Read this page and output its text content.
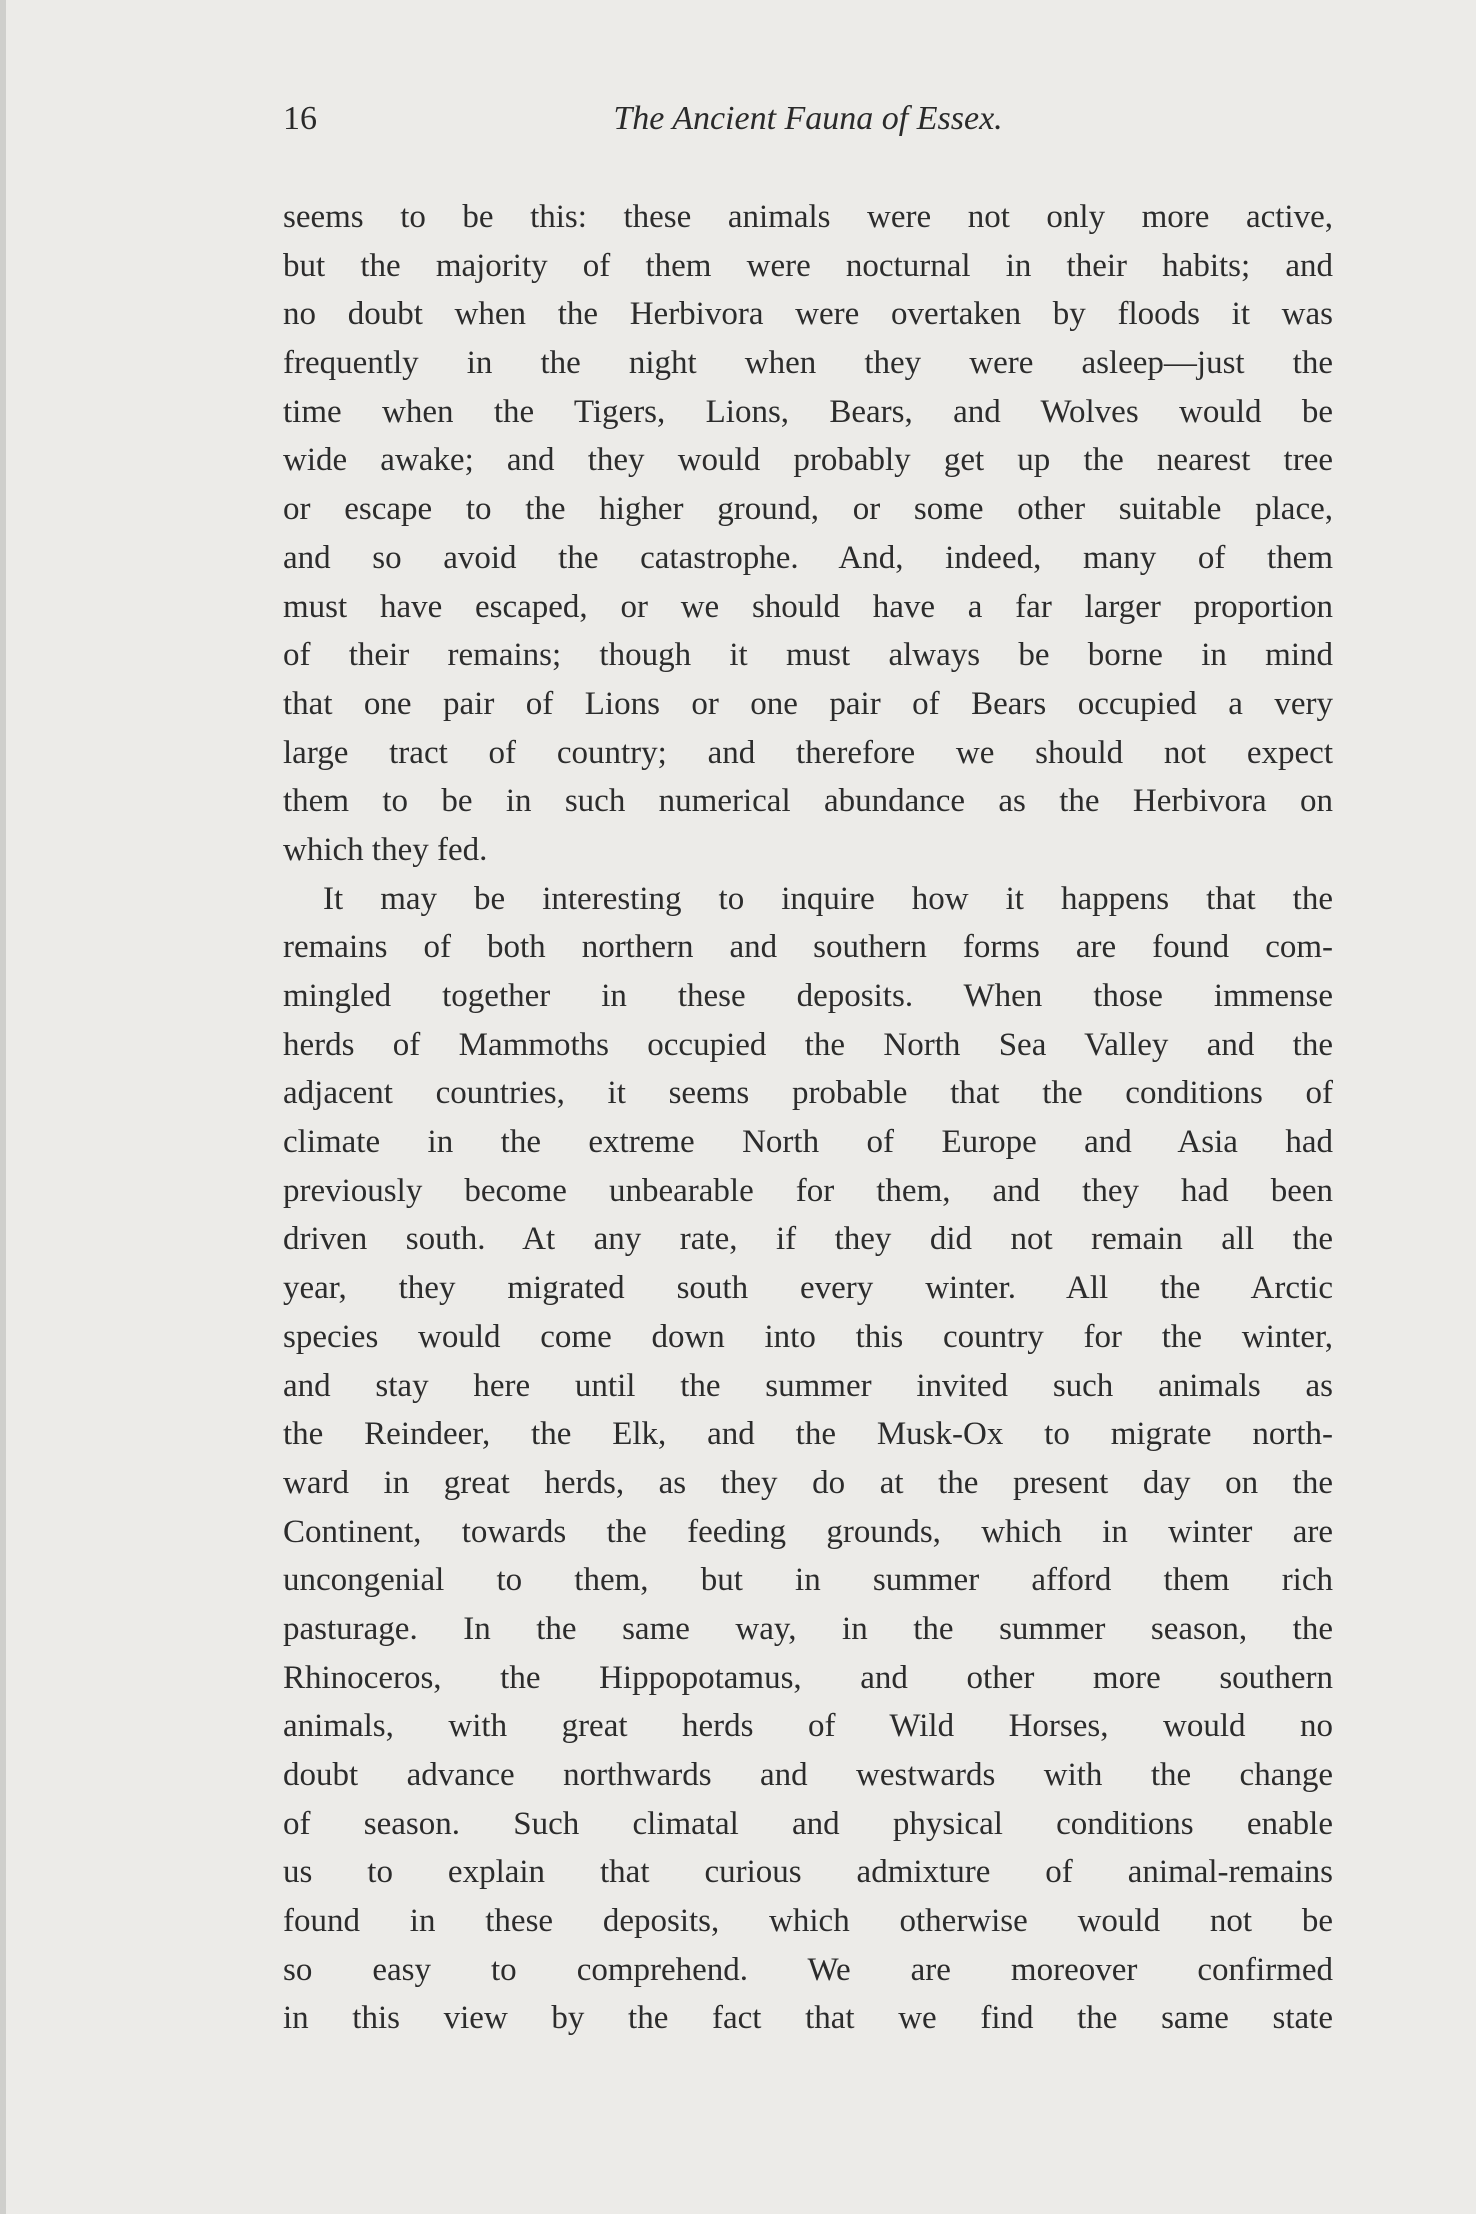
16	The Ancient Fauna of Essex.
seems to be this: these animals were not only more active,
but the majority of them were nocturnal in their habits; and
no doubt when the Herbivora were overtaken by floods it was
frequently in the night when they were asleep—just the
time when the Tigers, Lions, Bears, and Wolves would be
wide awake; and they would probably get up the nearest tree
or escape to the higher ground, or some other suitable place,
and so avoid the catastrophe. And, indeed, many of them
must have escaped, or we should have a far larger proportion
of their remains; though it must always be borne in mind
that one pair of Lions or one pair of Bears occupied a very
large tract of country; and therefore we should not expect
them to be in such numerical abundance as the Herbivora on
which they fed.
It may be interesting to inquire how it happens that the
remains of both northern and southern forms are found com-
mingled together in these deposits. When those immense
herds of Mammoths occupied the North Sea Valley and the
adjacent countries, it seems probable that the conditions of
climate in the extreme North of Europe and Asia had
previously become unbearable for them, and they had been
driven south. At any rate, if they did not remain all the
year, they migrated south every winter. All the Arctic
species would come down into this country for the winter,
and stay here until the summer invited such animals as
the Reindeer, the Elk, and the Musk-Ox to migrate north-
ward in great herds, as they do at the present day on the
Continent, towards the feeding grounds, which in winter are
uncongenial to them, but in summer afford them rich
pasturage. In the same way, in the summer season, the
Rhinoceros, the Hippopotamus, and other more southern
animals, with great herds of Wild Horses, would no
doubt advance northwards and westwards with the change
of season. Such climatal and physical conditions enable
us to explain that curious admixture of animal-remains
found in these deposits, which otherwise would not be
so easy to comprehend. We are moreover confirmed
in this view by the fact that we find the same state
